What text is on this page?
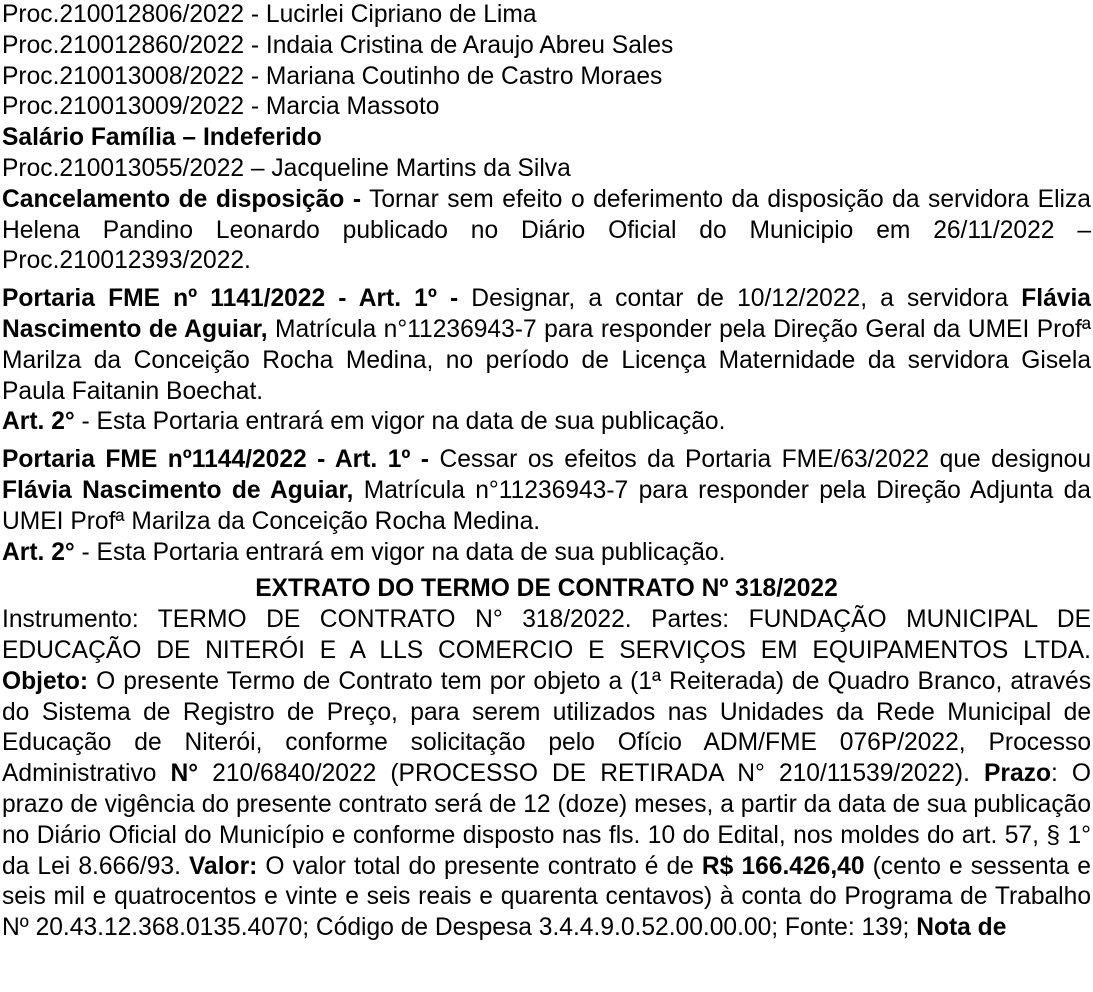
Proc.210012806/2022 - Lucirlei Cipriano de Lima
Proc.210012860/2022 - Indaia Cristina de Araujo Abreu Sales
Proc.210013008/2022 - Mariana Coutinho de Castro Moraes
Proc.210013009/2022 - Marcia Massoto
Salário Família – Indeferido
Proc.210013055/2022 – Jacqueline Martins da Silva
Cancelamento de disposição - Tornar sem efeito o deferimento da disposição da servidora Eliza Helena Pandino Leonardo publicado no Diário Oficial do Municipio em 26/11/2022 – Proc.210012393/2022.
Portaria FME nº 1141/2022 - Art. 1º - Designar, a contar de 10/12/2022, a servidora Flávia Nascimento de Aguiar, Matrícula n°11236943-7 para responder pela Direção Geral da UMEI Profª Marilza da Conceição Rocha Medina, no período de Licença Maternidade da servidora Gisela Paula Faitanin Boechat.
Art. 2° - Esta Portaria entrará em vigor na data de sua publicação.
Portaria FME nº1144/2022 - Art. 1º - Cessar os efeitos da Portaria FME/63/2022 que designou Flávia Nascimento de Aguiar, Matrícula n°11236943-7 para responder pela Direção Adjunta da UMEI Profª Marilza da Conceição Rocha Medina.
Art. 2° - Esta Portaria entrará em vigor na data de sua publicação.
EXTRATO DO TERMO DE CONTRATO Nº 318/2022
Instrumento: TERMO DE CONTRATO N° 318/2022. Partes: FUNDAÇÃO MUNICIPAL DE EDUCAÇÃO DE NITERÓI E A LLS COMERCIO E SERVIÇOS EM EQUIPAMENTOS LTDA. Objeto: O presente Termo de Contrato tem por objeto a (1ª Reiterada) de Quadro Branco, através do Sistema de Registro de Preço, para serem utilizados nas Unidades da Rede Municipal de Educação de Niterói, conforme solicitação pelo Ofício ADM/FME 076P/2022, Processo Administrativo N° 210/6840/2022 (PROCESSO DE RETIRADA N° 210/11539/2022). Prazo: O prazo de vigência do presente contrato será de 12 (doze) meses, a partir da data de sua publicação no Diário Oficial do Município e conforme disposto nas fls. 10 do Edital, nos moldes do art. 57, § 1° da Lei 8.666/93. Valor: O valor total do presente contrato é de R$ 166.426,40 (cento e sessenta e seis mil e quatrocentos e vinte e seis reais e quarenta centavos) à conta do Programa de Trabalho Nº 20.43.12.368.0135.4070; Código de Despesa 3.4.4.9.0.52.00.00.00; Fonte: 139; Nota de
